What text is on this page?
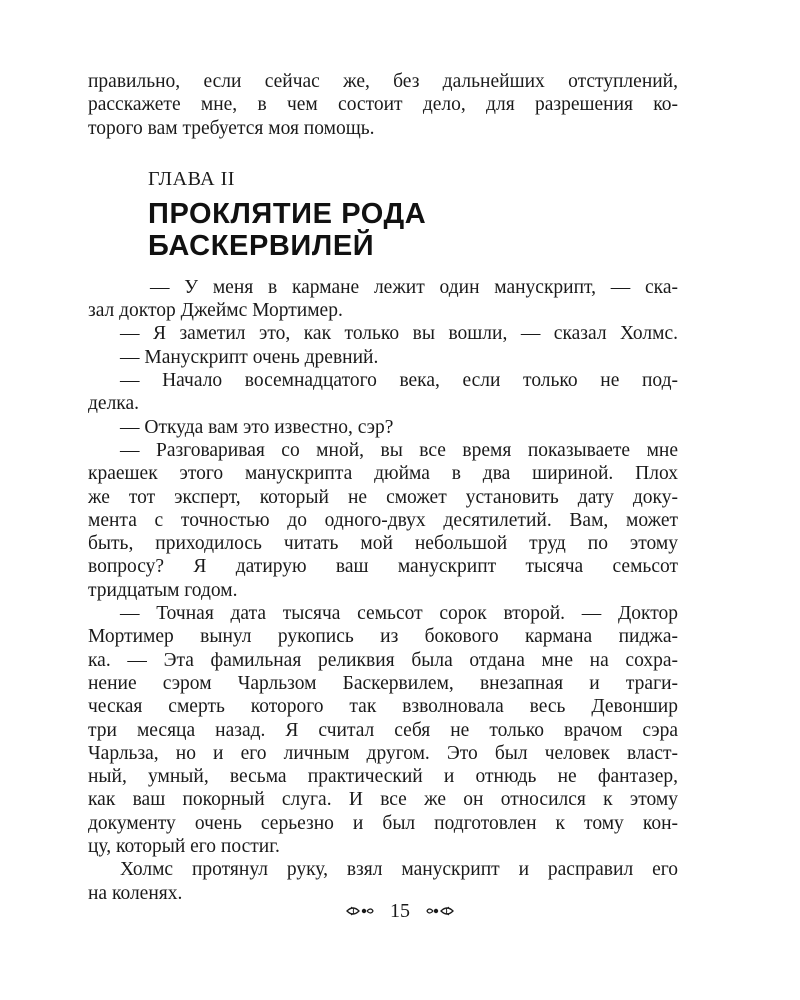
правильно, если сейчас же, без дальнейших отступлений,
расскажете мне, в чем состоит дело, для разрешения ко-
торого вам требуется моя помощь.
ГЛАВА II
ПРОКЛЯТИЕ РОДА
БАСКЕРВИЛЕЙ
— У меня в кармане лежит один манускрипт, — ска-
зал доктор Джеймс Мортимер.
— Я заметил это, как только вы вошли, — сказал Холмс.
— Манускрипт очень древний.
— Начало восемнадцатого века, если только не под-
делка.
— Откуда вам это известно, сэр?
— Разговаривая со мной, вы все время показываете мне
краешек этого манускрипта дюйма в два шириной. Плох
же тот эксперт, который не сможет установить дату доку-
мента с точностью до одного-двух десятилетий. Вам, может
быть, приходилось читать мой небольшой труд по этому
вопросу? Я датирую ваш манускрипт тысяча семьсот
тридцатым годом.
— Точная дата тысяча семьсот сорок второй. — Доктор
Мортимер вынул рукопись из бокового кармана пиджа-
ка. — Эта фамильная реликвия была отдана мне на сохра-
нение сэром Чарльзом Баскервилем, внезапная и траги-
ческая смерть которого так взволновала весь Девоншир
три месяца назад. Я считал себя не только врачом сэра
Чарльза, но и его личным другом. Это был человек власт-
ный, умный, весьма практический и отнюдь не фантазер,
как ваш покорный слуга. И все же он относился к этому
документу очень серьезно и был подготовлен к тому кон-
цу, который его постиг.
Холмс протянул руку, взял манускрипт и расправил его
на коленях.
15
